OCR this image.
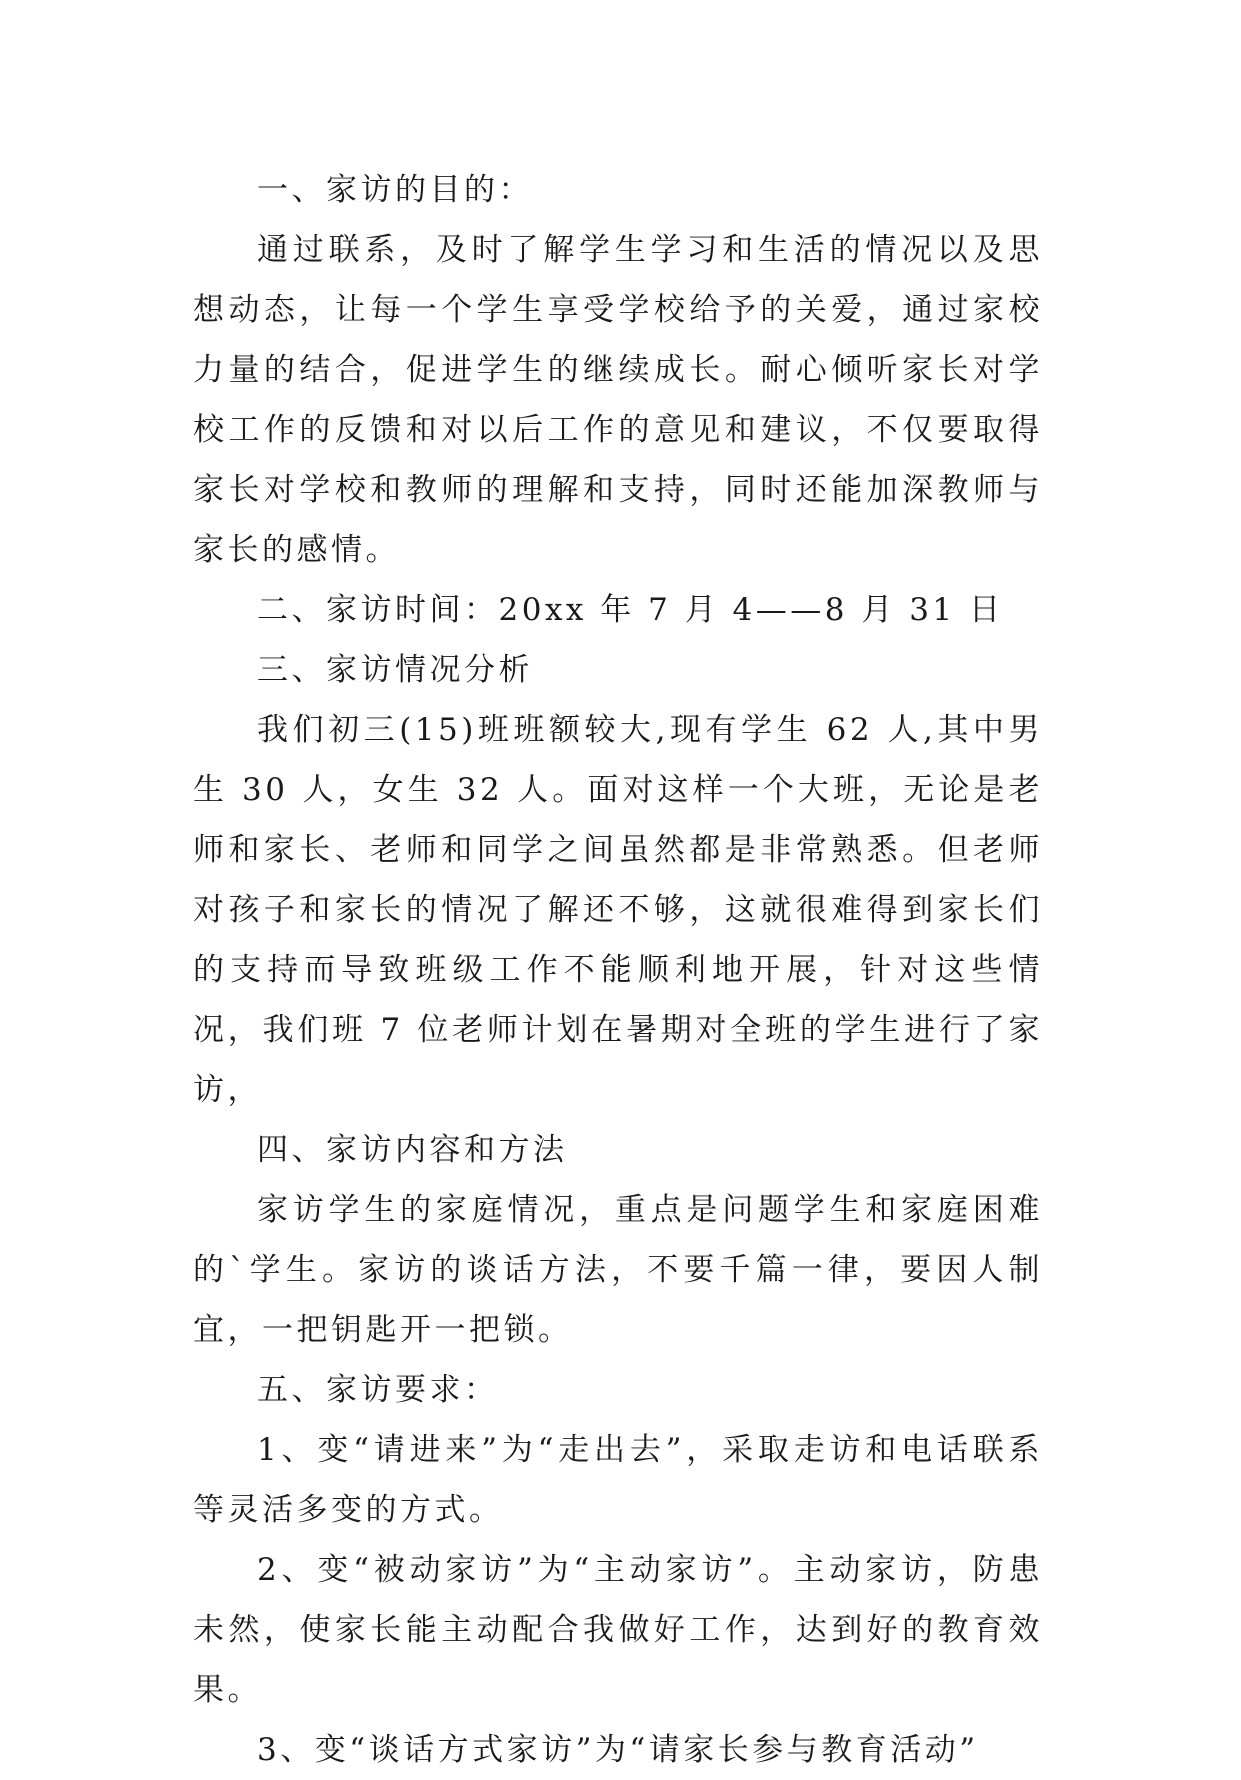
一、家访的目的：

通过联系，及时了解学生学习和生活的情况以及思想动态，让每一个学生享受学校给予的关爱，通过家校力量的结合，促进学生的继续成长。耐心倾听家长对学校工作的反馈和对以后工作的意见和建议，不仅要取得家长对学校和教师的理解和支持，同时还能加深教师与家长的感情。

二、家访时间：20xx 年 7 月 4——8 月 31 日

三、家访情况分析

我们初三(15)班班额较大,现有学生 62 人,其中男生 30 人，女生 32 人。面对这样一个大班，无论是老师和家长、老师和同学之间虽然都是非常熟悉。但老师对孩子和家长的情况了解还不够，这就很难得到家长们的支持而导致班级工作不能顺利地开展，针对这些情况，我们班 7 位老师计划在暑期对全班的学生进行了家访，

四、家访内容和方法

家访学生的家庭情况，重点是问题学生和家庭困难的`学生。家访的谈话方法，不要千篇一律，要因人制宜，一把钥匙开一把锁。

五、家访要求：

1、变“请进来”为“走出去”，采取走访和电话联系等灵活多变的方式。

2、变“被动家访”为“主动家访”。主动家访，防患未然，使家长能主动配合我做好工作，达到好的教育效果。

3、变“谈话方式家访”为“请家长参与教育活动”
